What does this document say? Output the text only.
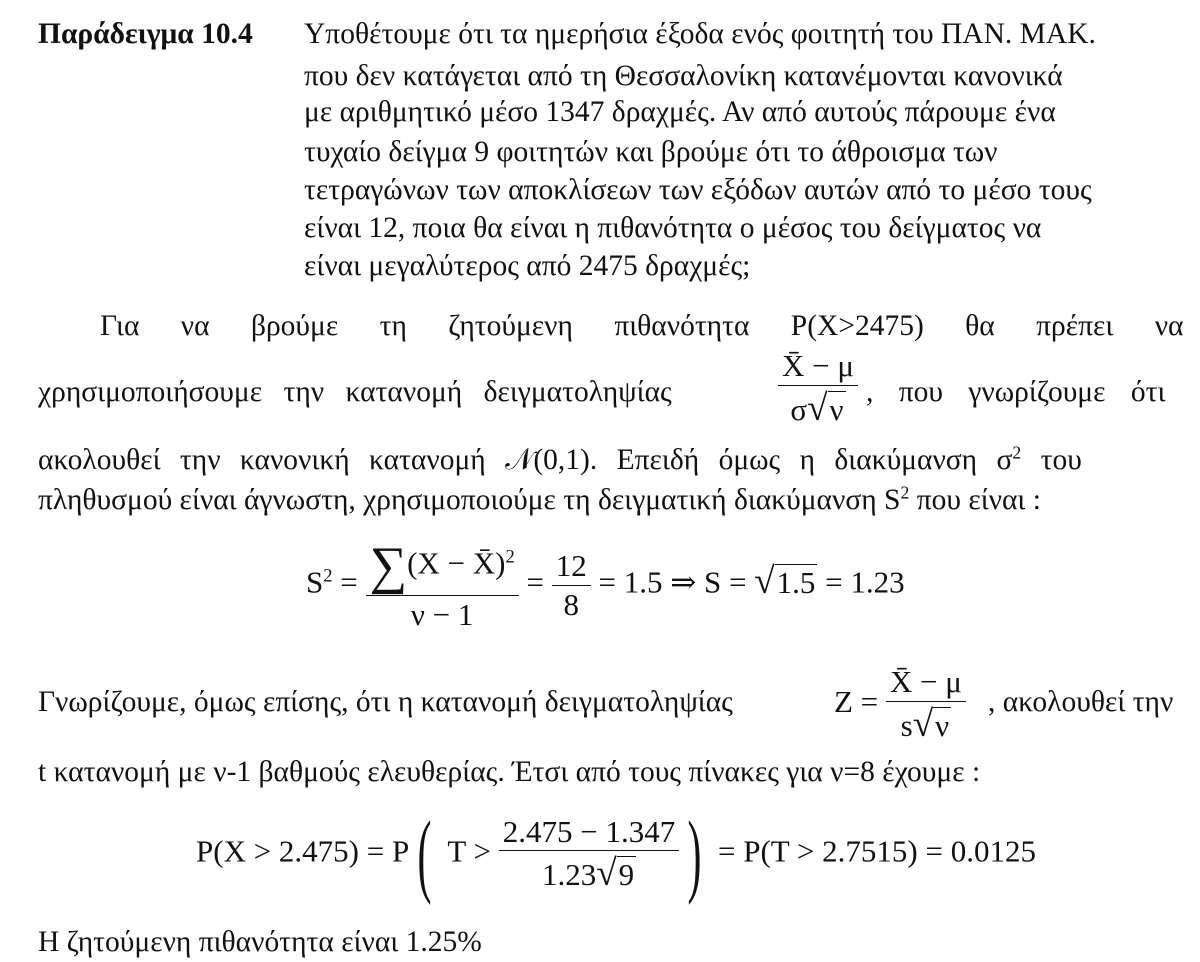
Παράδειγμα 10.4 Υποθέτουμε ότι τα ημερήσια έξοδα ενός φοιτητή του ΠΑΝ. ΜΑΚ.
που δεν κατάγεται από τη Θεσσαλονίκη κατανέμονται κανονικά
με αριθμητικό μέσο 1347 δραχμές. Αν από αυτούς πάρουμε ένα
τυχαίο δείγμα 9 φοιτητών και βρούμε ότι το άθροισμα των
τετραγώνων των αποκλίσεων των εξόδων αυτών από το μέσο τους
είναι 12, ποια θα είναι η πιθανότητα ο μέσος του δείγματος να
είναι μεγαλύτερος από 2475 δραχμές;
Για να βρούμε τη ζητούμενη πιθανότητα P(X>2475) θα πρέπει να
χρησιμοποιήσουμε την κατανομή δειγματοληψίας	$\frac{X̄ - \mu}{\sigma√\nu}$ , που γνωρίζουμε ότι
ακολουθεί την κανονική κατανομή 𝒩(0,1). Επειδή όμως η διακύμανση $\sigma^2$ του
πληθυσμού είναι άγνωστη, χρησιμοποιούμε τη δειγματική διακύμανση $S^2$ που είναι :
$S^2 = \frac{\sum(X - X̄)^2}{\nu - 1} = \frac{12}{8} = 1.5$ ⇒ S = √1.5 = 1.23
Γνωρίζουμε, όμως επίσης, ότι η κατανομή δειγματοληψίας	$Z = \frac{X̄ - \mu}{s√\nu}$ , ακολουθεί την
t κατανομή με ν-1 βαθμούς ελευθερίας. Έτσι από τους πίνακες για ν=8 έχουμε :
P(X > 2.475) = P( $T > \frac{2.475 - 1.347}{1.23√9}$ ) = P(T > 2.7515) = 0.0125
Η ζητούμενη πιθανότητα είναι 1.25%
